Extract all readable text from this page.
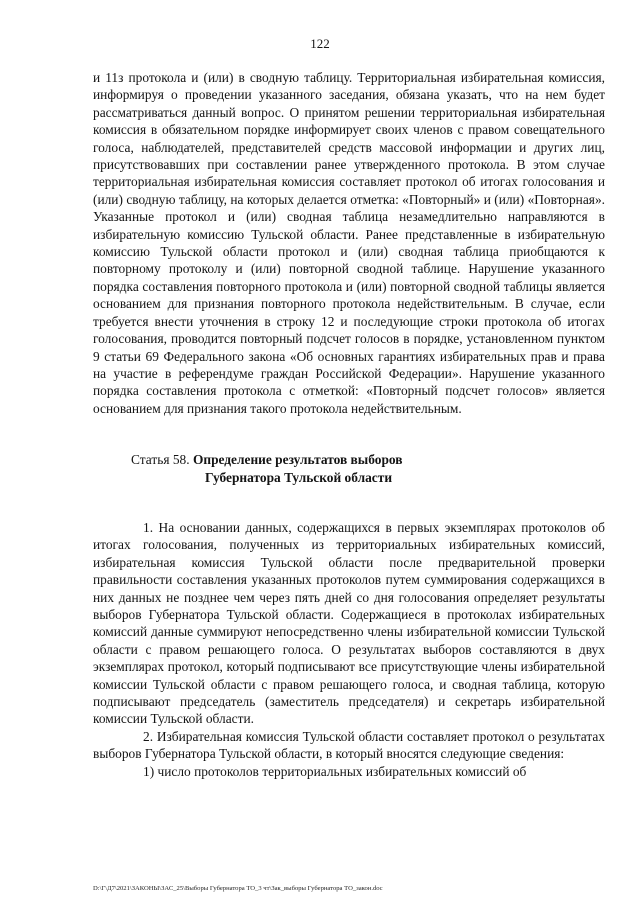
122

и 11з протокола и (или) в сводную таблицу. Территориальная избирательная комиссия, информируя о проведении указанного заседания, обязана указать, что на нем будет рассматриваться данный вопрос. О принятом решении территориальная избирательная комиссия в обязательном порядке информирует своих членов с правом совещательного голоса, наблюдателей, представителей средств массовой информации и других лиц, присутствовавших при составлении ранее утвержденного протокола. В этом случае территориальная избирательная комиссия составляет протокол об итогах голосования и (или) сводную таблицу, на которых делается отметка: «Повторный» и (или) «Повторная». Указанные протокол и (или) сводная таблица незамедлительно направляются в избирательную комиссию Тульской области. Ранее представленные в избирательную комиссию Тульской области протокол и (или) сводная таблица приобщаются к повторному протоколу и (или) повторной сводной таблице. Нарушение указанного порядка составления повторного протокола и (или) повторной сводной таблицы является основанием для признания повторного протокола недействительным. В случае, если требуется внести уточнения в строку 12 и последующие строки протокола об итогах голосования, проводится повторный подсчет голосов в порядке, установленном пунктом 9 статьи 69 Федерального закона «Об основных гарантиях избирательных прав и права на участие в референдуме граждан Российской Федерации». Нарушение указанного порядка составления протокола с отметкой: «Повторный подсчет голосов» является основанием для признания такого протокола недействительным.

Статья 58. Определение результатов выборов
Губернатора Тульской области

1. На основании данных, содержащихся в первых экземплярах протоколов об итогах голосования, полученных из территориальных избирательных комиссий, избирательная комиссия Тульской области после предварительной проверки правильности составления указанных протоколов путем суммирования содержащихся в них данных не позднее чем через пять дней со дня голосования определяет результаты выборов Губернатора Тульской области. Содержащиеся в протоколах избирательных комиссий данные суммируют непосредственно члены избирательной комиссии Тульской области с правом решающего голоса. О результатах выборов составляются в двух экземплярах протокол, который подписывают все присутствующие члены избирательной комиссии Тульской области с правом решающего голоса, и сводная таблица, которую подписывают председатель (заместитель председателя) и секретарь избирательной комиссии Тульской области.

2. Избирательная комиссия Тульской области составляет протокол о результатах выборов Губернатора Тульской области, в который вносятся следующие сведения:

1) число протоколов территориальных избирательных комиссий об

D:\Г\Д7\2021\ЗАКОНЫ\ЗАС_25\Выборы Губернатора ТО_3 чт\Зак_выборы Губернатора ТО_закон.doc
